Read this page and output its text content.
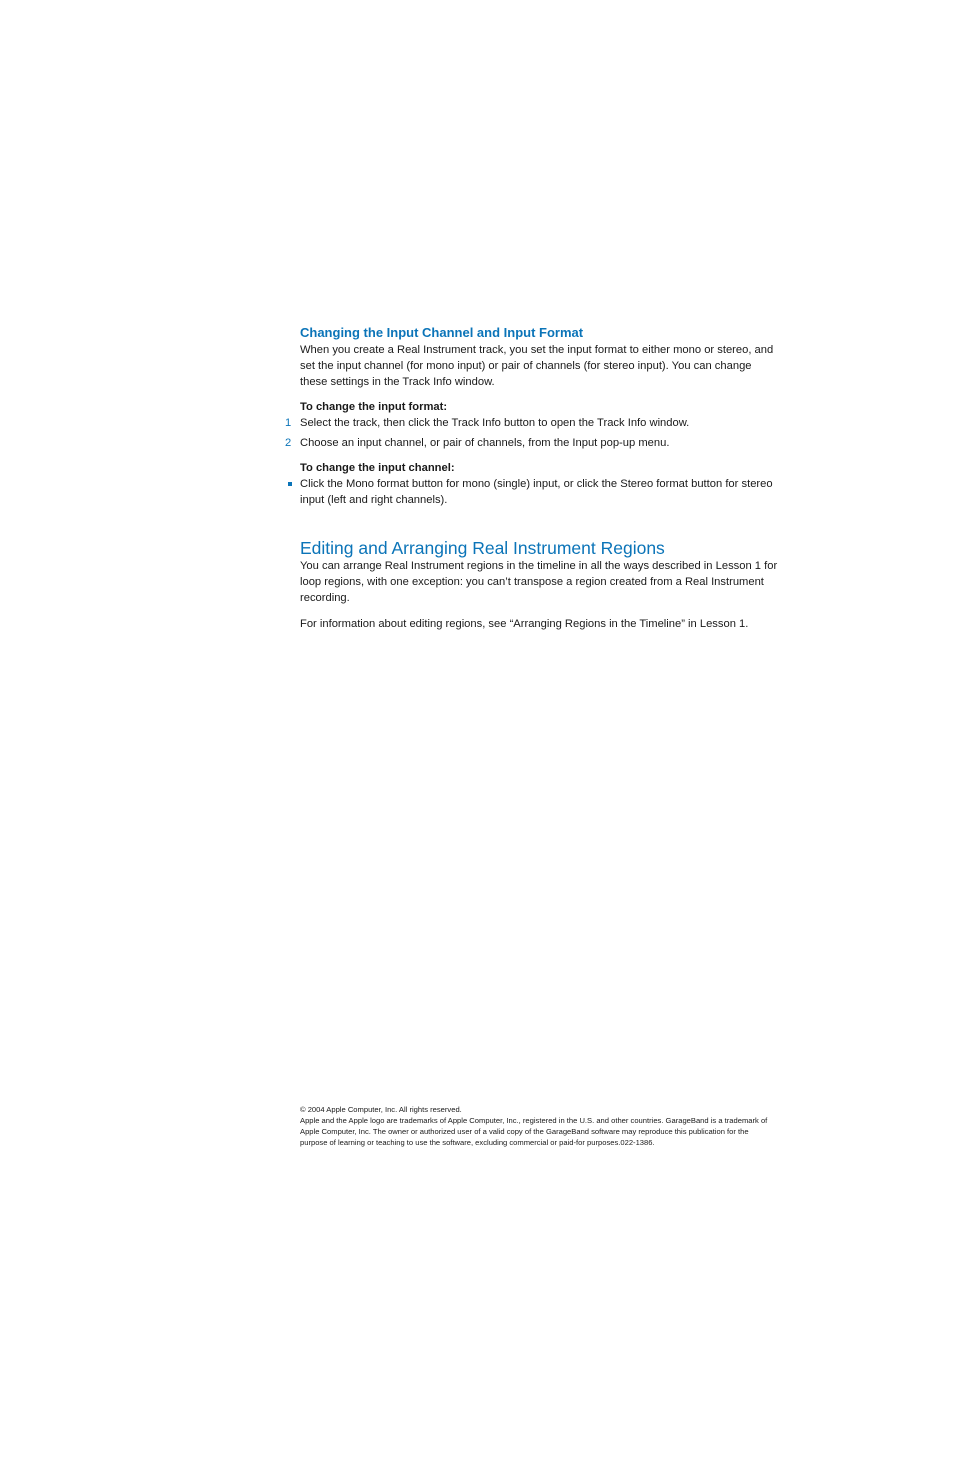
Changing the Input Channel and Input Format

When you create a Real Instrument track, you set the input format to either mono or stereo, and set the input channel (for mono input) or pair of channels (for stereo input). You can change these settings in the Track Info window.

To change the input format:

1 Select the track, then click the Track Info button to open the Track Info window.

2 Choose an input channel, or pair of channels, from the Input pop-up menu.

To change the input channel:

Click the Mono format button for mono (single) input, or click the Stereo format button for stereo input (left and right channels).

Editing and Arranging Real Instrument Regions

You can arrange Real Instrument regions in the timeline in all the ways described in Lesson 1 for loop regions, with one exception: you can’t transpose a region created from a Real Instrument recording.

For information about editing regions, see “Arranging Regions in the Timeline” in Lesson 1.

© 2004 Apple Computer, Inc. All rights reserved.

Apple and the Apple logo are trademarks of Apple Computer, Inc., registered in the U.S. and other countries. GarageBand is a trademark of Apple Computer, Inc. The owner or authorized user of a valid copy of the GarageBand software may reproduce this publication for the purpose of learning or teaching to use the software, excluding commercial or paid-for purposes.022-1386.
